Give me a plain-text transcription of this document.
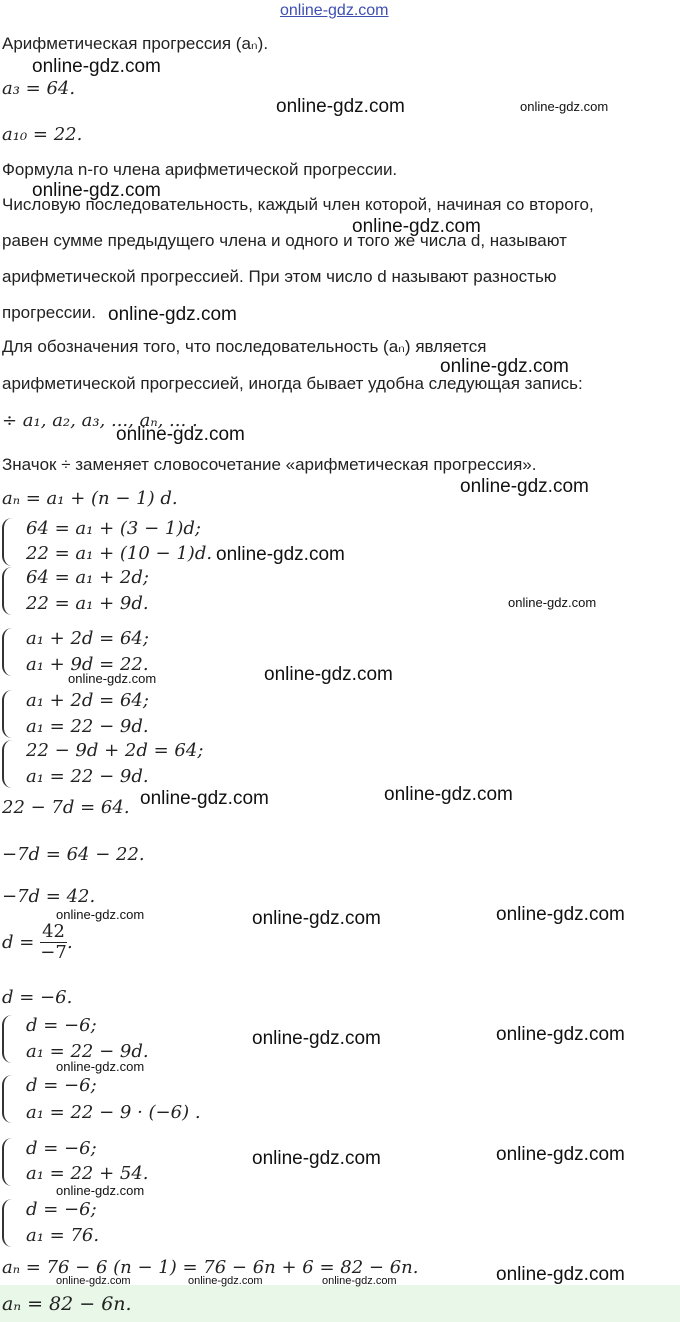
online-gdz.com
Арифметическая прогрессия (aₙ).
a₃ = 64.
a₁₀ = 22.
Формула n-го члена арифметической прогрессии.
Числовую последовательность, каждый член которой, начиная со второго,
равен сумме предыдущего члена и одного и того же числа d, называют
арифметической прогрессией. При этом число d называют разностью
прогрессии.
Для обозначения того, что последовательность (aₙ) является
арифметической прогрессией, иногда бывает удобна следующая запись:
÷ a₁, a₂, a₃, ..., aₙ, ... .
Значок ÷ заменяет словосочетание «арифметическая прогрессия».
aₙ = a₁ + (n − 1) d.
64 = a₁ + (3 − 1)d;
22 = a₁ + (10 − 1)d.
64 = a₁ + 2d;
22 = a₁ + 9d.
a₁ + 2d = 64;
a₁ + 9d = 22.
a₁ + 2d = 64;
a₁ = 22 − 9d.
22 − 9d + 2d = 64;
a₁ = 22 − 9d.
22 − 7d = 64.
−7d = 64 − 22.
−7d = 42.
$d = \frac{42}{-7}$ .
d = −6.
d = −6;
a₁ = 22 − 9d.
d = −6;
a₁ = 22 − 9 · (−6) .
d = −6;
a₁ = 22 + 54.
d = −6;
a₁ = 76.
aₙ = 76 − 6 (n − 1) = 76 − 6n + 6 = 82 − 6n.
aₙ = 82 − 6n.
online-gdz.com
online-gdz.com	online-gdz.com
online-gdz.com
online-gdz.com
online-gdz.com
online-gdz.com
online-gdz.com
online-gdz.com
online-gdz.com
online-gdz.com
online-gdz.com
online-gdz.com
online-gdz.com	online-gdz.com
online-gdz.com	online-gdz.com	online-gdz.com
online-gdz.com	online-gdz.com
online-gdz.com
online-gdz.com	online-gdz.com
online-gdz.com
online-gdz.com	online-gdz.com	online-gdz.com	online-gdz.com
